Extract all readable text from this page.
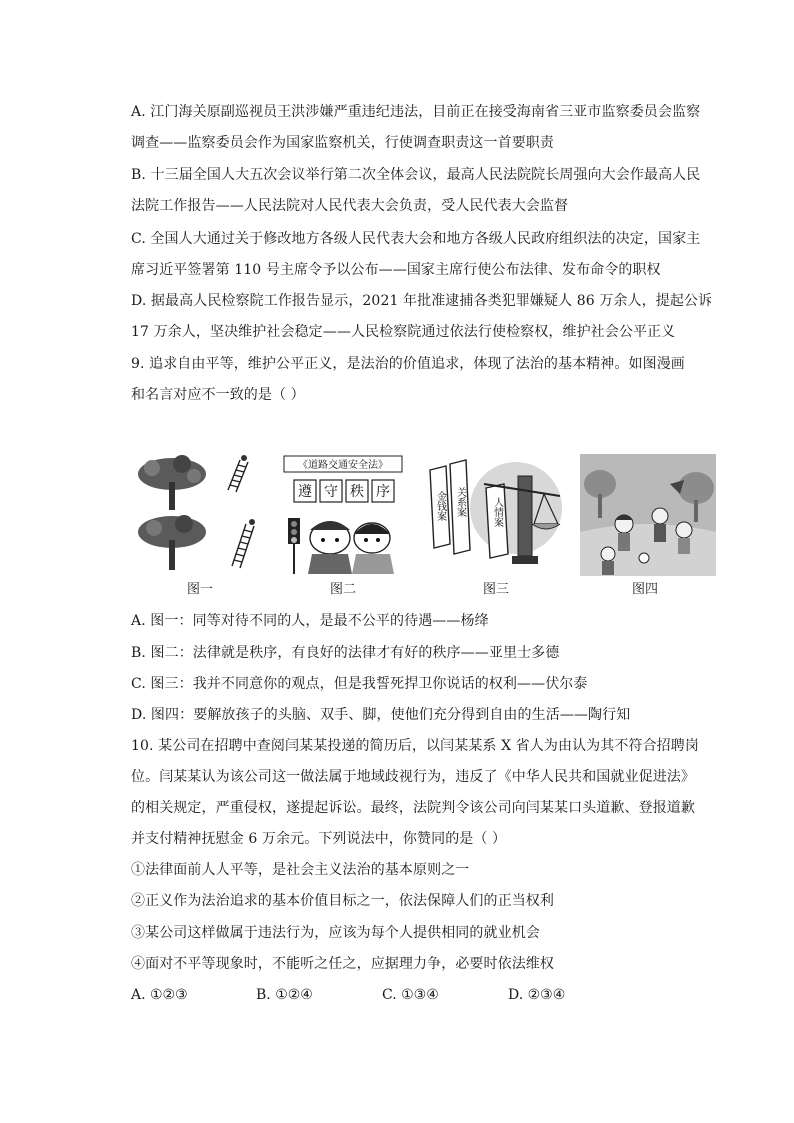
A. 江门海关原副巡视员王洪涉嫌严重违纪违法，目前正在接受海南省三亚市监察委员会监察
调查——监察委员会作为国家监察机关，行使调查职责这一首要职责
B. 十三届全国人大五次会议举行第二次全体会议，最高人民法院院长周强向大会作最高人民
法院工作报告——人民法院对人民代表大会负责，受人民代表大会监督
C. 全国人大通过关于修改地方各级人民代表大会和地方各级人民政府组织法的决定，国家主
席习近平签署第 110 号主席令予以公布——国家主席行使公布法律、发布命令的职权
D. 据最高人民检察院工作报告显示，2021 年批准逮捕各类犯罪嫌疑人 86 万余人，提起公诉
17 万余人，坚决维护社会稳定——人民检察院通过依法行使检察权，维护社会公平正义
9. 追求自由平等，维护公平正义，是法治的价值追求，体现了法治的基本精神。如图漫画
和名言对应不一致的是（ ）
图一
《道路交通安全法》
遵 守 秩 序
图二
金钱案 关系案	人情案
图三	图四
A. 图一：同等对待不同的人，是最不公平的待遇——杨绛
B. 图二：法律就是秩序，有良好的法律才有好的秩序——亚里士多德
C. 图三：我并不同意你的观点，但是我誓死捍卫你说话的权利——伏尔泰
D. 图四：要解放孩子的头脑、双手、脚，使他们充分得到自由的生活——陶行知
10. 某公司在招聘中查阅闫某某投递的简历后，以闫某某系 X 省人为由认为其不符合招聘岗
位。闫某某认为该公司这一做法属于地域歧视行为，违反了《中华人民共和国就业促进法》
的相关规定，严重侵权，遂提起诉讼。最终，法院判令该公司向闫某某口头道歉、登报道歉
并支付精神抚慰金 6 万余元。下列说法中，你赞同的是（ ）
①法律面前人人平等，是社会主义法治的基本原则之一
②正义作为法治追求的基本价值目标之一，依法保障人们的正当权利
③某公司这样做属于违法行为，应该为每个人提供相同的就业机会
④面对不平等现象时，不能听之任之，应据理力争，必要时依法维权
A. ①②③	B. ①②④	C. ①③④	D. ②③④
